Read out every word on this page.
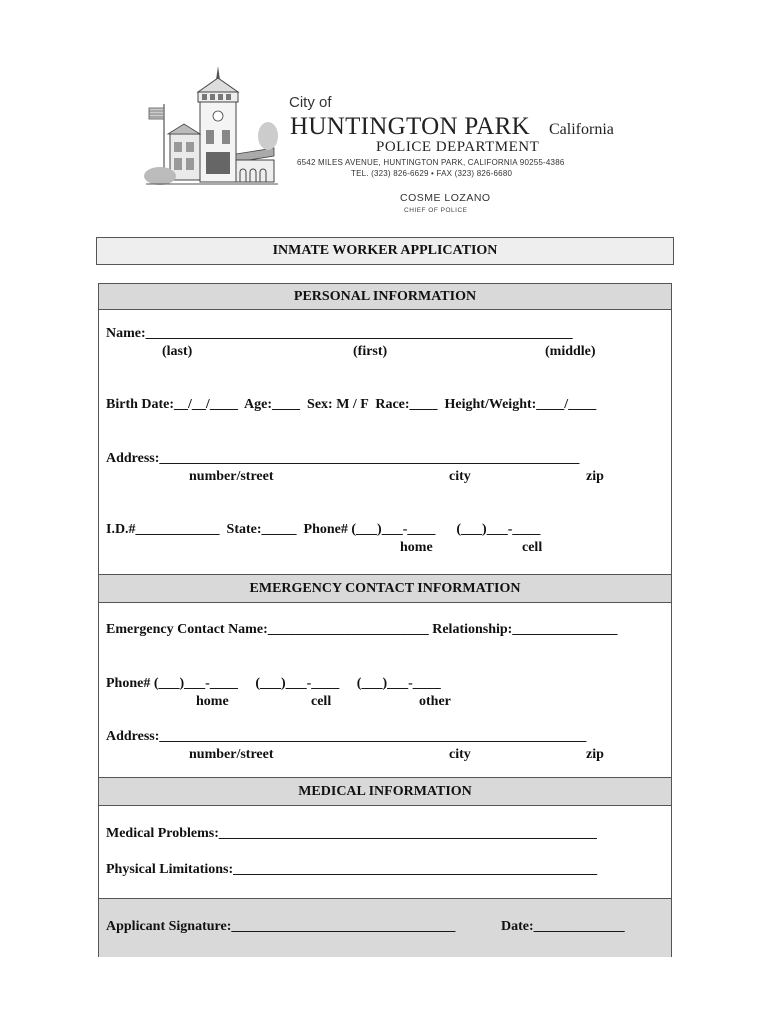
City of
HUNTINGTON PARK California
POLICE DEPARTMENT
6542 MILES AVENUE, HUNTINGTON PARK, CALIFORNIA 90255-4386
TEL. (323) 826-6629 • FAX (323) 826-6680
COSME LOZANO
CHIEF OF POLICE
INMATE WORKER APPLICATION
PERSONAL INFORMATION
Name:_____________________________________________________________
(last)	(first)	(middle)
Birth Date:__/__/____  Age:____  Sex: M / F  Race:____  Height/Weight:____/____
Address:____________________________________________________________
number/street	city	zip
I.D.#____________  State:_____  Phone# (___)___-____      (___)___-____
home	cell
EMERGENCY CONTACT INFORMATION
Emergency Contact Name:_______________________ Relationship:_______________
Phone# (___)___-____     (___)___-____     (___)___-____
home	cell	other
Address:_____________________________________________________________
number/street	city	zip
MEDICAL INFORMATION
Medical Problems:______________________________________________________
Physical Limitations:____________________________________________________
Applicant Signature:________________________________	Date:_____________
